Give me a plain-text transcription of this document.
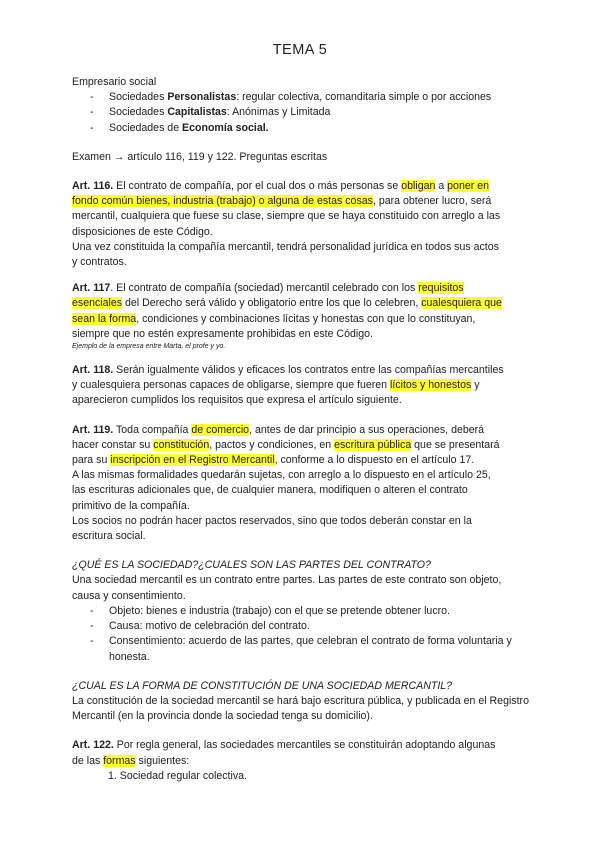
TEMA 5

Empresario social

- Sociedades Personalistas: regular colectiva, comanditaria simple o por acciones
- Sociedades Capitalistas: Anónimas y Limitada
- Sociedades de Economía social.

Examen → artículo 116, 119 y 122. Preguntas escritas

Art. 116. El contrato de compañía, por el cual dos o más personas se obligan a poner en

fondo común bienes, industria (trabajo) o alguna de estas cosas, para obtener lucro, será

mercantil, cualquiera que fuese su clase, siempre que se haya constituido con arreglo a las

disposiciones de este Código.

Una vez constituida la compañía mercantil, tendrá personalidad jurídica en todos sus actos

y contratos.

Art. 117. El contrato de compañía (sociedad) mercantil celebrado con los requisitos

esenciales del Derecho será válido y obligatorio entre los que lo celebren, cualesquiera que

sean la forma, condiciones y combinaciones lícitas y honestas con que lo constituyan,

siempre que no estén expresamente prohibidas en este Código.

Ejemplo de la empresa entre Marta, el profe y yo.

Art. 118. Serán igualmente válidos y eficaces los contratos entre las compañías mercantiles

y cualesquiera personas capaces de obligarse, siempre que fueren lícitos y honestos y

aparecieron cumplidos los requisitos que expresa el artículo siguiente.

Art. 119. Toda compañía de comercio, antes de dar principio a sus operaciones, deberá

hacer constar su constitución, pactos y condiciones, en escritura pública que se presentará

para su inscripción en el Registro Mercantil, conforme a lo dispuesto en el artículo 17.

A las mismas formalidades quedarán sujetas, con arreglo a lo dispuesto en el artículo 25,

las escrituras adicionales que, de cualquier manera, modifiquen o alteren el contrato

primitivo de la compañía.

Los socios no podrán hacer pactos reservados, sino que todos deberán constar en la

escritura social.

¿QUÉ ES LA SOCIEDAD?¿CUALES SON LAS PARTES DEL CONTRATO?

Una sociedad mercantil es un contrato entre partes. Las partes de este contrato son objeto, causa y consentimiento.

- Objeto: bienes e industria (trabajo) con el que se pretende obtener lucro.
- Causa: motivo de celebración del contrato.
- Consentimiento: acuerdo de las partes, que celebran el contrato de forma voluntaria y honesta.

¿CUAL ES LA FORMA DE CONSTITUCIÓN DE UNA SOCIEDAD MERCANTIL?

La constitución de la sociedad mercantil se hará bajo escritura pública, y publicada en el Registro Mercantil (en la provincia donde la sociedad tenga su domicilio).

Art. 122. Por regla general, las sociedades mercantiles se constituirán adoptando algunas

de las formas siguientes:

1. Sociedad regular colectiva.
